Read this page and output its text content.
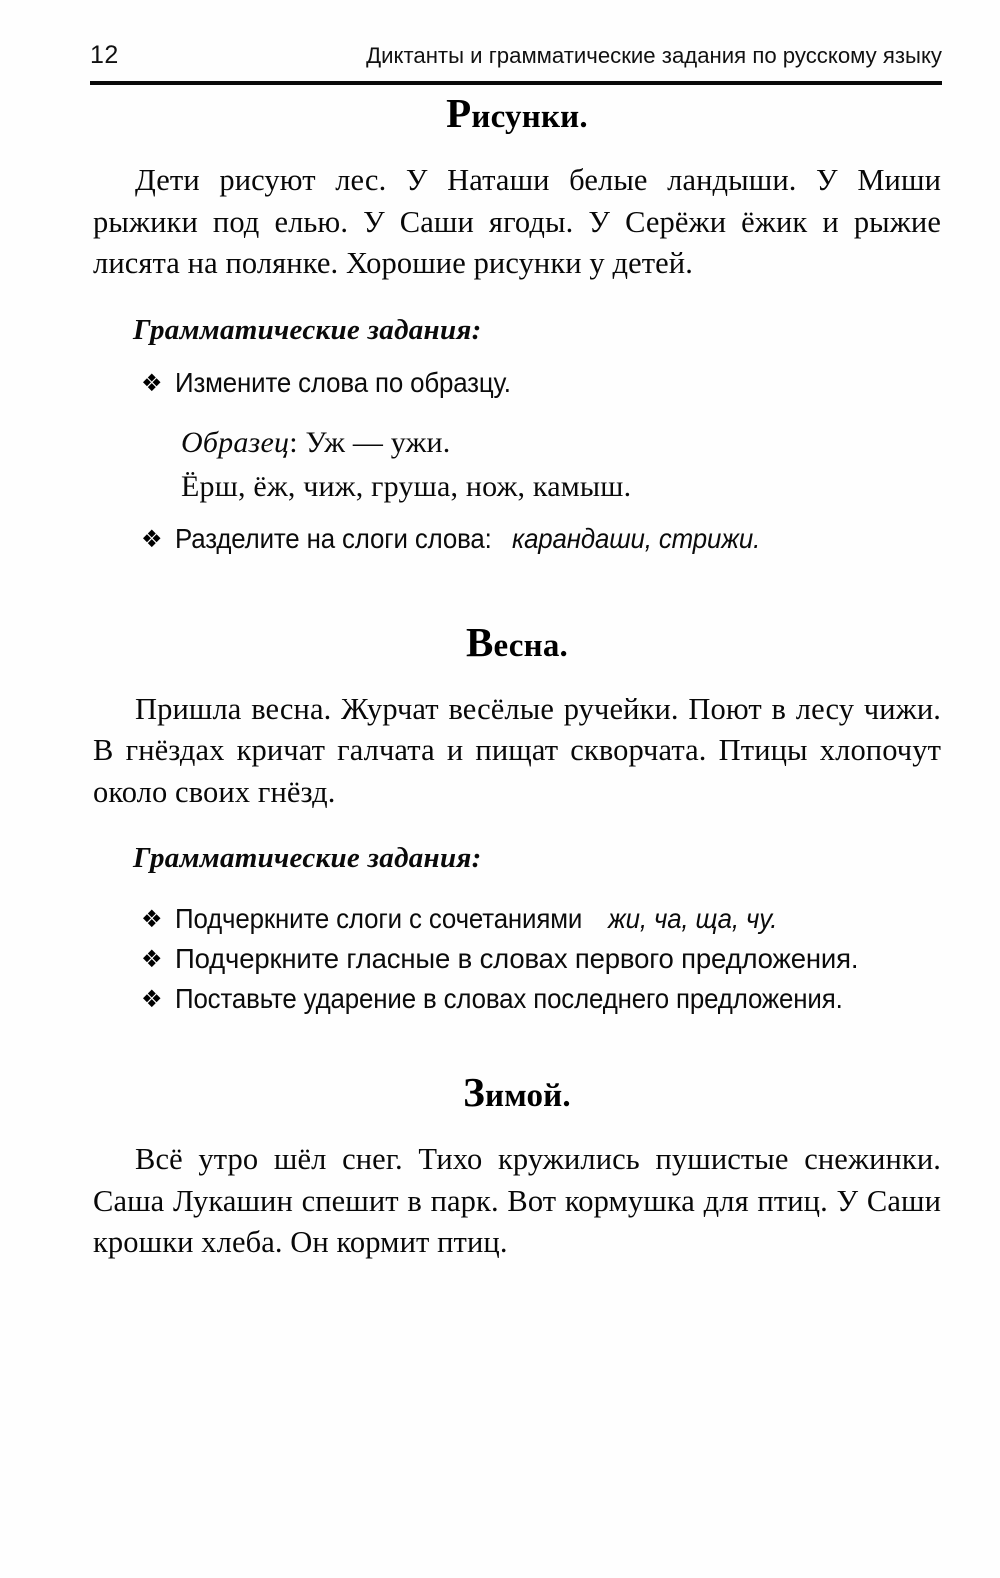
12	Диктанты и грамматические задания по русскому языку
Рисунки.

Дети рисуют лес. У Наташи белые ландыши. У Миши рыжики под елью. У Саши ягоды. У Серёжи ёжик и рыжие лисята на полянке. Хорошие рисунки у детей.

Грамматические задания:

❖ Измените слова по образцу.

Образец: Уж — ужи.

Ёрш, ёж, чиж, груша, нож, камыш.

❖ Разделите на слоги слова:карандаши, стрижи.
Весна.

Пришла весна. Журчат весёлые ручейки. Поют в лесу чижи. В гнёздах кричат галчата и пищат скворчата. Птицы хлопочут около своих гнёзд.

Грамматические задания:

❖ Подчеркните слоги с сочетаниямижи, ча, ща, чу.
❖ Подчеркните гласные в словах первого предложения.
❖ Поставьте ударение в словах последнего предложения.
Зимой.

Всё утро шёл снег. Тихо кружились пушистые снежинки. Саша Лукашин спешит в парк. Вот кормушка для птиц. У Саши крошки хлеба. Он кормит птиц.
